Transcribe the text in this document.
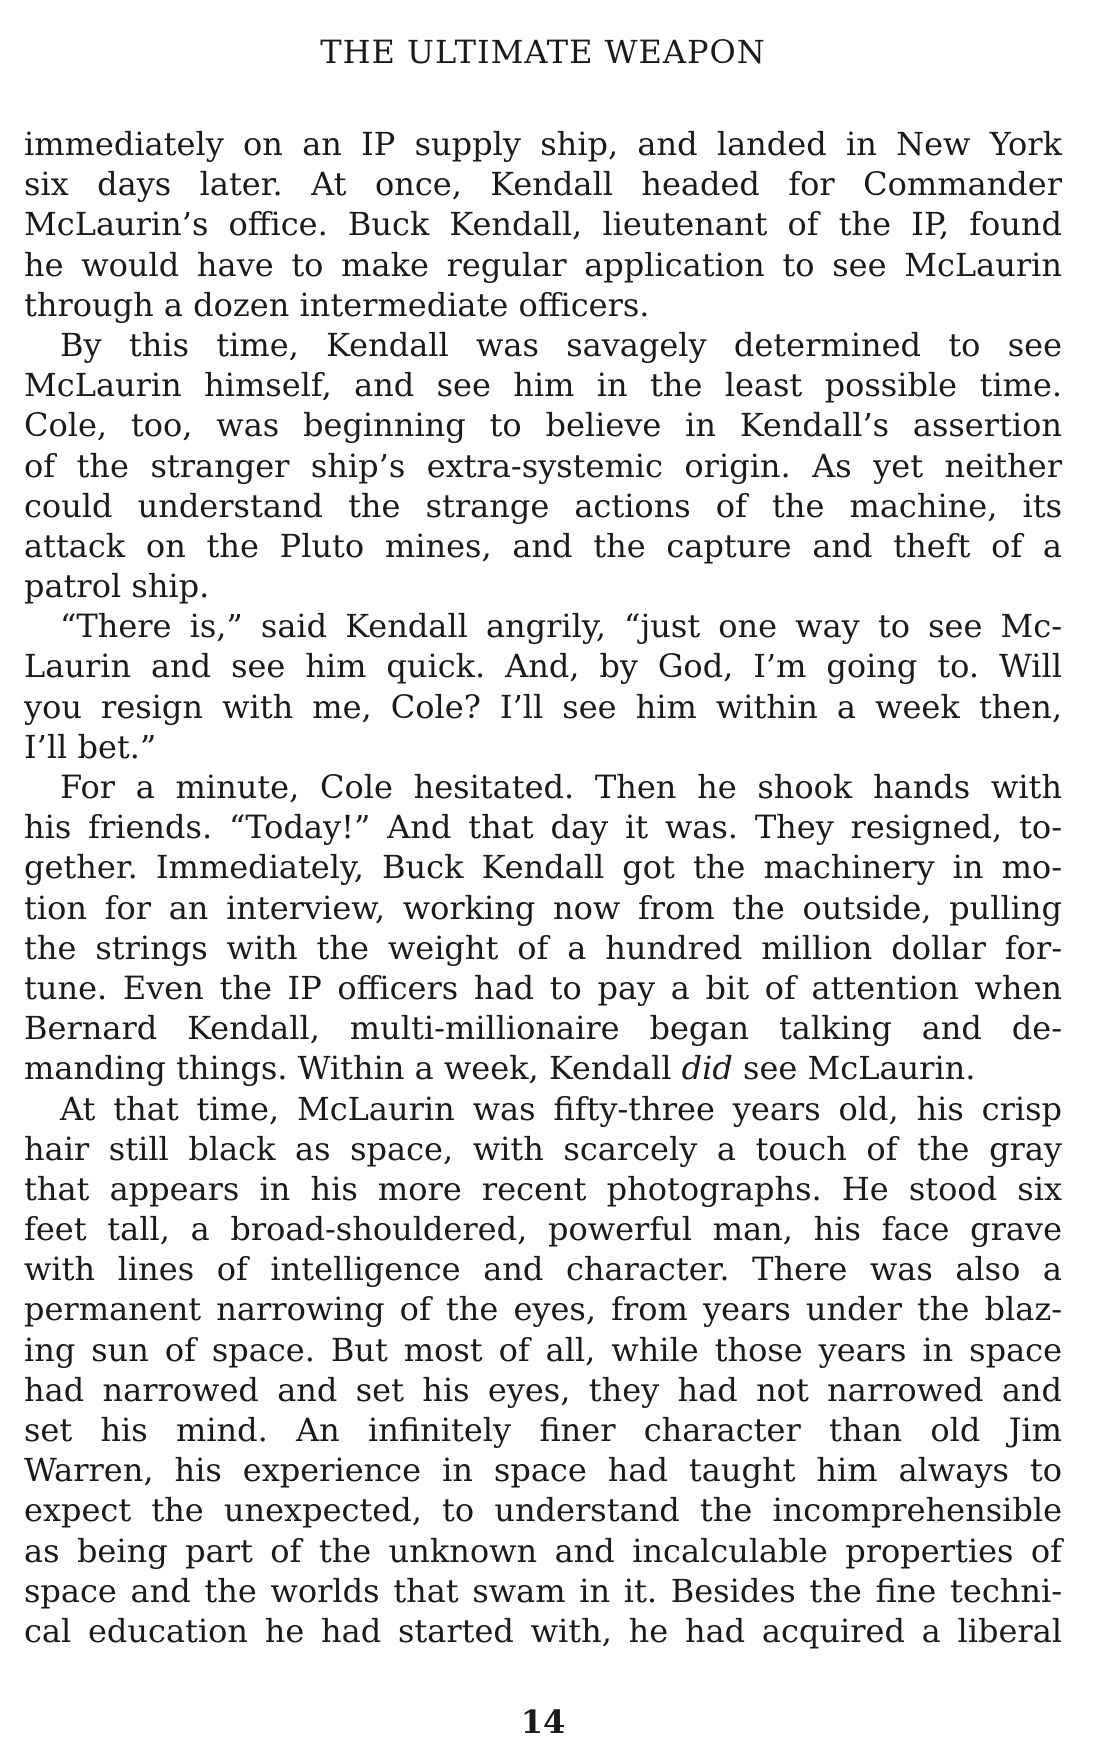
THE ULTIMATE WEAPON
immediately on an IP supply ship, and landed in New York
six days later. At once, Kendall headed for Commander
McLaurin’s office. Buck Kendall, lieutenant of the IP, found
he would have to make regular application to see McLaurin
through a dozen intermediate officers.
By this time, Kendall was savagely determined to see
McLaurin himself, and see him in the least possible time.
Cole, too, was beginning to believe in Kendall’s assertion
of the stranger ship’s extra-systemic origin. As yet neither
could understand the strange actions of the machine, its
attack on the Pluto mines, and the capture and theft of a
patrol ship.
“There is,” said Kendall angrily, “just one way to see Mc-
Laurin and see him quick. And, by God, I’m going to. Will
you resign with me, Cole? I’ll see him within a week then,
I’ll bet.”
For a minute, Cole hesitated. Then he shook hands with
his friends. “Today!” And that day it was. They resigned, to-
gether. Immediately, Buck Kendall got the machinery in mo-
tion for an interview, working now from the outside, pulling
the strings with the weight of a hundred million dollar for-
tune. Even the IP officers had to pay a bit of attention when
Bernard Kendall, multi-millionaire began talking and de-
manding things. Within a week, Kendall did see McLaurin.
At that time, McLaurin was fifty-three years old, his crisp
hair still black as space, with scarcely a touch of the gray
that appears in his more recent photographs. He stood six
feet tall, a broad-shouldered, powerful man, his face grave
with lines of intelligence and character. There was also a
permanent narrowing of the eyes, from years under the blaz-
ing sun of space. But most of all, while those years in space
had narrowed and set his eyes, they had not narrowed and
set his mind. An infinitely finer character than old Jim
Warren, his experience in space had taught him always to
expect the unexpected, to understand the incomprehensible
as being part of the unknown and incalculable properties of
space and the worlds that swam in it. Besides the fine techni-
cal education he had started with, he had acquired a liberal
14
